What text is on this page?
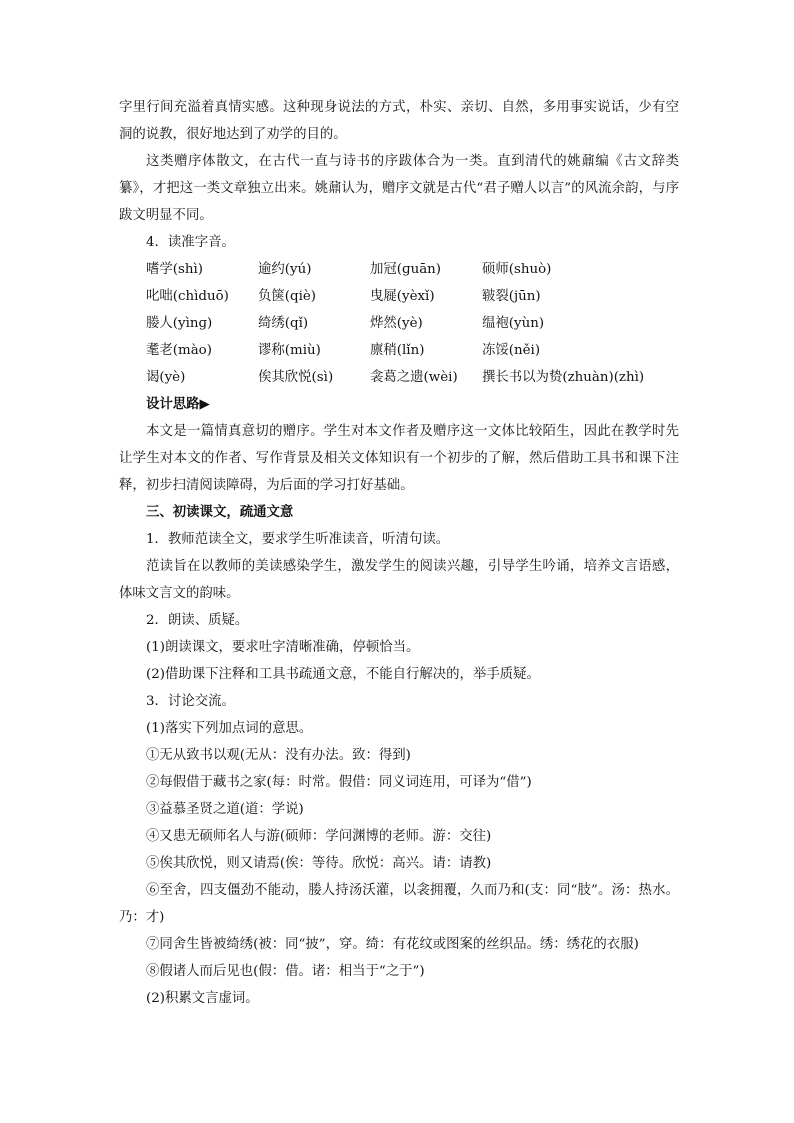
字里行间充溢着真情实感。这种现身说法的方式，朴实、亲切、自然，多用事实说话，少有空洞的说教，很好地达到了劝学的目的。

这类赠序体散文，在古代一直与诗书的序跋体合为一类。直到清代的姚鼐编《古文辞类纂》，才把这一类文章独立出来。姚鼐认为，赠序文就是古代“君子赠人以言”的风流余韵，与序跋文明显不同。

4．读准字音。

嗜学(shì)	逾约(yú)	加冠(ɡuān)	硕师(shuò)
叱咄(chìduō)	负箧(qiè)	曳屣(yèxǐ)	皲裂(jūn)
媵人(yìnɡ)	绮绣(qǐ)	烨然(yè)	缊袍(yùn)
耄老(mào)	谬称(miù)	廪稍(lǐn)	冻馁(něi)
谒(yè)	俟其欣悦(sì)	衾葛之遗(wèi)	撰长书以为贽(zhuàn)(zhì)

设计思路▶

本文是一篇情真意切的赠序。学生对本文作者及赠序这一文体比较陌生，因此在教学时先让学生对本文的作者、写作背景及相关文体知识有一个初步的了解，然后借助工具书和课下注释，初步扫清阅读障碍，为后面的学习打好基础。

三、初读课文，疏通文意

1．教师范读全文，要求学生听准读音，听清句读。

范读旨在以教师的美读感染学生，激发学生的阅读兴趣，引导学生吟诵，培养文言语感，体味文言文的韵味。

2．朗读、质疑。

(1)朗读课文，要求吐字清晰准确，停顿恰当。

(2)借助课下注释和工具书疏通文意，不能自行解决的，举手质疑。

3．讨论交流。

(1)落实下列加点词的意思。

①无从致书以观(无从：没有办法。致：得到)

②每假借于藏书之家(每：时常。假借：同义词连用，可译为“借”)

③益慕圣贤之道(道：学说)

④又患无硕师名人与游(硕师：学问渊博的老师。游：交往)

⑤俟其欣悦，则又请焉(俟：等待。欣悦：高兴。请：请教)

⑥至舍，四支僵劲不能动，媵人持汤沃灌，以衾拥覆，久而乃和(支：同“肢”。汤：热水。乃：才)

⑦同舍生皆被绮绣(被：同“披”，穿。绮：有花纹或图案的丝织品。绣：绣花的衣服)

⑧假诸人而后见也(假：借。诸：相当于“之于”)

(2)积累文言虚词。
